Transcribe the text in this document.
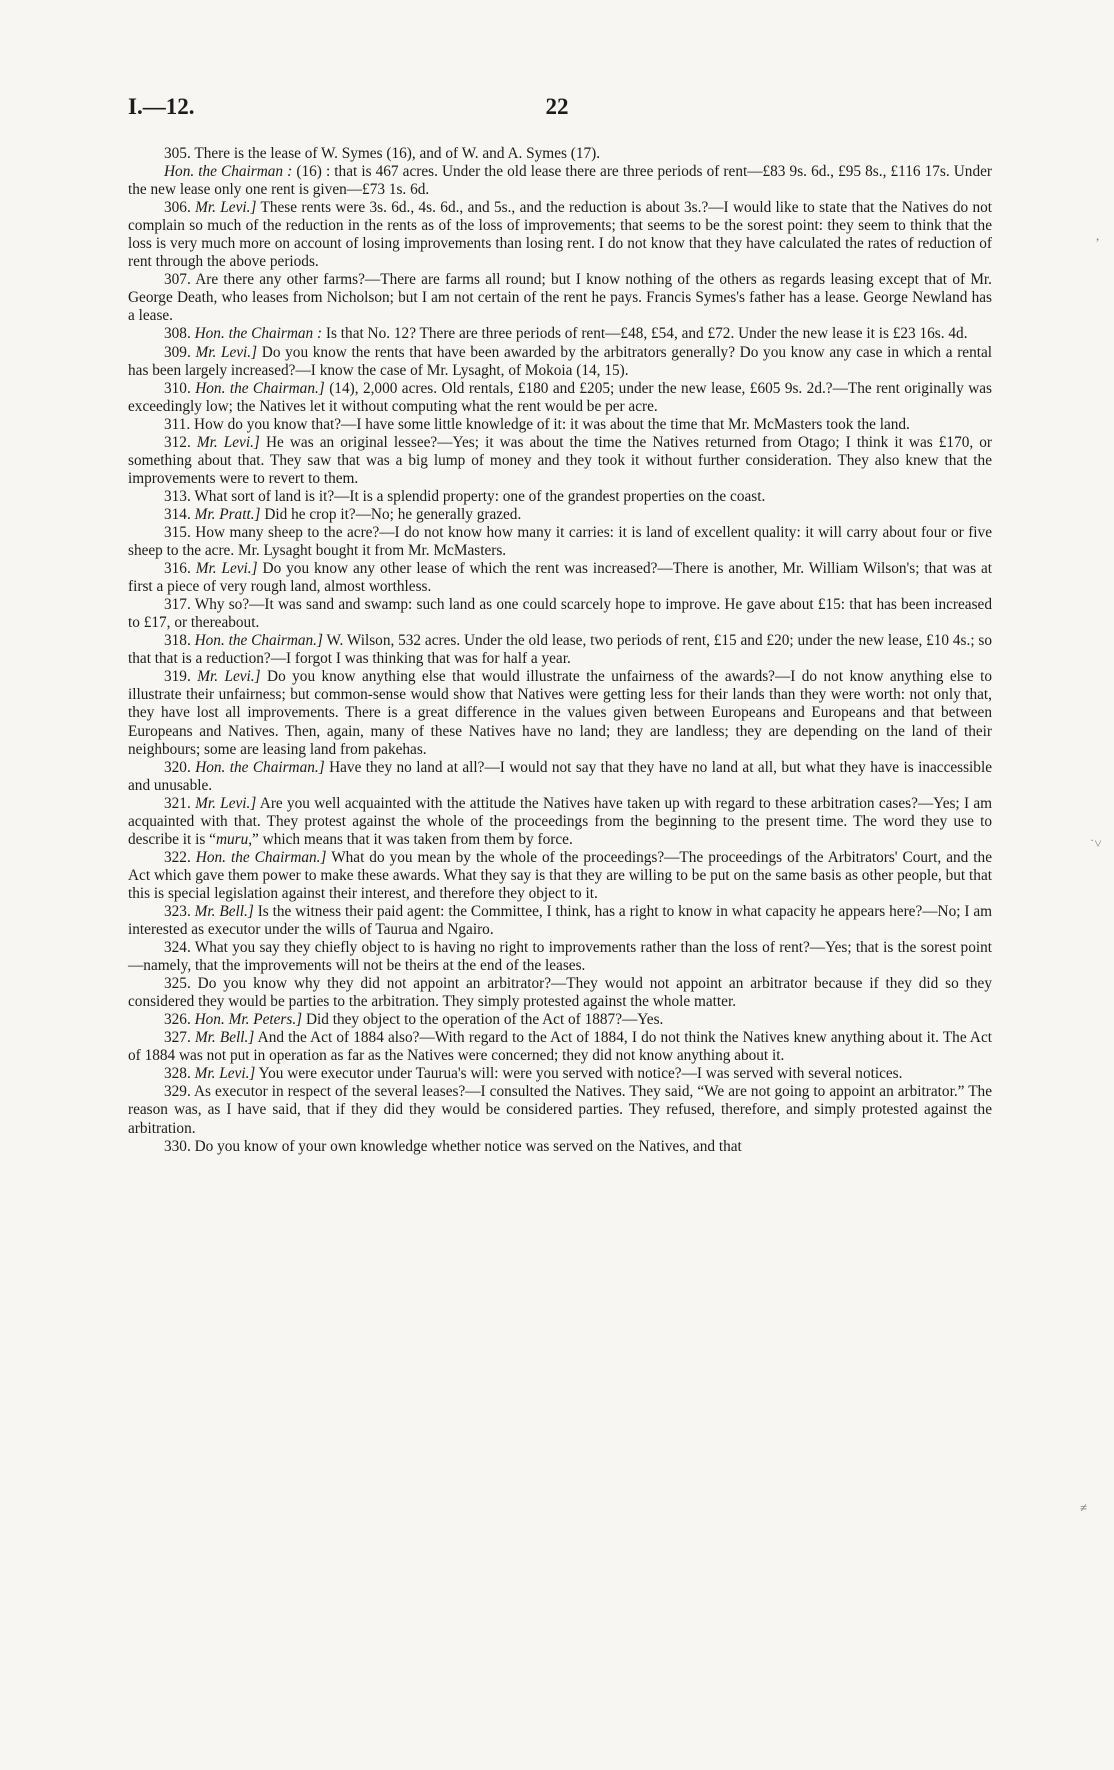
I.—12.	22

305. There is the lease of W. Symes (16), and of W. and A. Symes (17).

Hon. the Chairman : (16) : that is 467 acres. Under the old lease there are three periods of rent—£83 9s. 6d., £95 8s., £116 17s. Under the new lease only one rent is given—£73 1s. 6d.

306. Mr. Levi.] These rents were 3s. 6d., 4s. 6d., and 5s., and the reduction is about 3s.?—I would like to state that the Natives do not complain so much of the reduction in the rents as of the loss of improvements; that seems to be the sorest point: they seem to think that the loss is very much more on account of losing improvements than losing rent. I do not know that they have calculated the rates of reduction of rent through the above periods.

307. Are there any other farms?—There are farms all round; but I know nothing of the others as regards leasing except that of Mr. George Death, who leases from Nicholson; but I am not certain of the rent he pays. Francis Symes's father has a lease. George Newland has a lease.

308. Hon. the Chairman : Is that No. 12? There are three periods of rent—£48, £54, and £72. Under the new lease it is £23 16s. 4d.

309. Mr. Levi.] Do you know the rents that have been awarded by the arbitrators generally? Do you know any case in which a rental has been largely increased?—I know the case of Mr. Lysaght, of Mokoia (14, 15).

310. Hon. the Chairman.] (14), 2,000 acres. Old rentals, £180 and £205; under the new lease, £605 9s. 2d.?—The rent originally was exceedingly low; the Natives let it without computing what the rent would be per acre.

311. How do you know that?—I have some little knowledge of it: it was about the time that Mr. McMasters took the land.

312. Mr. Levi.] He was an original lessee?—Yes; it was about the time the Natives returned from Otago; I think it was £170, or something about that. They saw that was a big lump of money and they took it without further consideration. They also knew that the improvements were to revert to them.

313. What sort of land is it?—It is a splendid property: one of the grandest properties on the coast.

314. Mr. Pratt.] Did he crop it?—No; he generally grazed.

315. How many sheep to the acre?—I do not know how many it carries: it is land of excellent quality: it will carry about four or five sheep to the acre. Mr. Lysaght bought it from Mr. McMasters.

316. Mr. Levi.] Do you know any other lease of which the rent was increased?—There is another, Mr. William Wilson's; that was at first a piece of very rough land, almost worthless.

317. Why so?—It was sand and swamp: such land as one could scarcely hope to improve. He gave about £15: that has been increased to £17, or thereabout.

318. Hon. the Chairman.] W. Wilson, 532 acres. Under the old lease, two periods of rent, £15 and £20; under the new lease, £10 4s.; so that that is a reduction?—I forgot I was thinking that was for half a year.

319. Mr. Levi.] Do you know anything else that would illustrate the unfairness of the awards?—I do not know anything else to illustrate their unfairness; but common-sense would show that Natives were getting less for their lands than they were worth: not only that, they have lost all improvements. There is a great difference in the values given between Europeans and Europeans and that between Europeans and Natives. Then, again, many of these Natives have no land; they are landless; they are depending on the land of their neighbours; some are leasing land from pakehas.

320. Hon. the Chairman.] Have they no land at all?—I would not say that they have no land at all, but what they have is inaccessible and unusable.

321. Mr. Levi.] Are you well acquainted with the attitude the Natives have taken up with regard to these arbitration cases?—Yes; I am acquainted with that. They protest against the whole of the proceedings from the beginning to the present time. The word they use to describe it is “muru,” which means that it was taken from them by force.

322. Hon. the Chairman.] What do you mean by the whole of the proceedings?—The proceedings of the Arbitrators' Court, and the Act which gave them power to make these awards. What they say is that they are willing to be put on the same basis as other people, but that this is special legislation against their interest, and therefore they object to it.

323. Mr. Bell.] Is the witness their paid agent: the Committee, I think, has a right to know in what capacity he appears here?—No; I am interested as executor under the wills of Taurua and Ngairo.

324. What you say they chiefly object to is having no right to improvements rather than the loss of rent?—Yes; that is the sorest point—namely, that the improvements will not be theirs at the end of the leases.

325. Do you know why they did not appoint an arbitrator?—They would not appoint an arbitrator because if they did so they considered they would be parties to the arbitration. They simply protested against the whole matter.

326. Hon. Mr. Peters.] Did they object to the operation of the Act of 1887?—Yes.

327. Mr. Bell.] And the Act of 1884 also?—With regard to the Act of 1884, I do not think the Natives knew anything about it. The Act of 1884 was not put in operation as far as the Natives were concerned; they did not know anything about it.

328. Mr. Levi.] You were executor under Taurua's will: were you served with notice?—I was served with several notices.

329. As executor in respect of the several leases?—I consulted the Natives. They said, “We are not going to appoint an arbitrator.” The reason was, as I have said, that if they did they would be considered parties. They refused, therefore, and simply protested against the arbitration.

330. Do you know of your own knowledge whether notice was served on the Natives, and that

,
˙˅
≠
